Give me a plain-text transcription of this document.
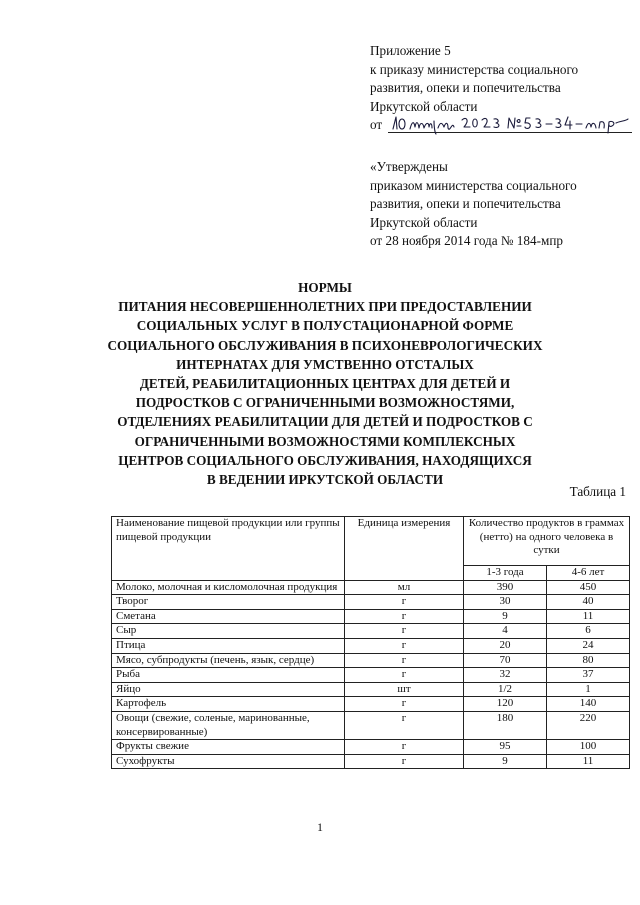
Приложение 5
к приказу министерства социального
развития, опеки и попечительства
Иркутской области
от
«Утверждены
приказом министерства социального
развития, опеки и попечительства
Иркутской области
от 28 ноября 2014 года № 184-мпр
НОРМЫ
ПИТАНИЯ НЕСОВЕРШЕННОЛЕТНИХ ПРИ ПРЕДОСТАВЛЕНИИ
СОЦИАЛЬНЫХ УСЛУГ В ПОЛУСТАЦИОНАРНОЙ ФОРМЕ
СОЦИАЛЬНОГО ОБСЛУЖИВАНИЯ В ПСИХОНЕВРОЛОГИЧЕСКИХ
ИНТЕРНАТАХ ДЛЯ УМСТВЕННО ОТСТАЛЫХ
ДЕТЕЙ, РЕАБИЛИТАЦИОННЫХ ЦЕНТРАХ ДЛЯ ДЕТЕЙ И
ПОДРОСТКОВ С ОГРАНИЧЕННЫМИ ВОЗМОЖНОСТЯМИ,
ОТДЕЛЕНИЯХ РЕАБИЛИТАЦИИ ДЛЯ ДЕТЕЙ И ПОДРОСТКОВ С
ОГРАНИЧЕННЫМИ ВОЗМОЖНОСТЯМИ КОМПЛЕКСНЫХ
ЦЕНТРОВ СОЦИАЛЬНОГО ОБСЛУЖИВАНИЯ, НАХОДЯЩИХСЯ
В ВЕДЕНИИ ИРКУТСКОЙ ОБЛАСТИ
Таблица 1
Наименование пищевой продукции или группы пищевой продукции	Единица измерения	Количество продуктов в граммах (нетто) на одного человека в сутки	
		1-3 года	4-6 лет
Молоко, молочная и кисломолочная продукция	мл	390	450
Творог	г	30	40
Сметана	г	9	11
Сыр	г	4	6
Птица	г	20	24
Мясо, субпродукты (печень, язык, сердце)	г	70	80
Рыба	г	32	37
Яйцо	шт	1/2	1
Картофель	г	120	140
Овощи (свежие, соленые, маринованные, консервированные)	г	180	220
Фрукты свежие	г	95	100
Сухофрукты	г	9	11
1
